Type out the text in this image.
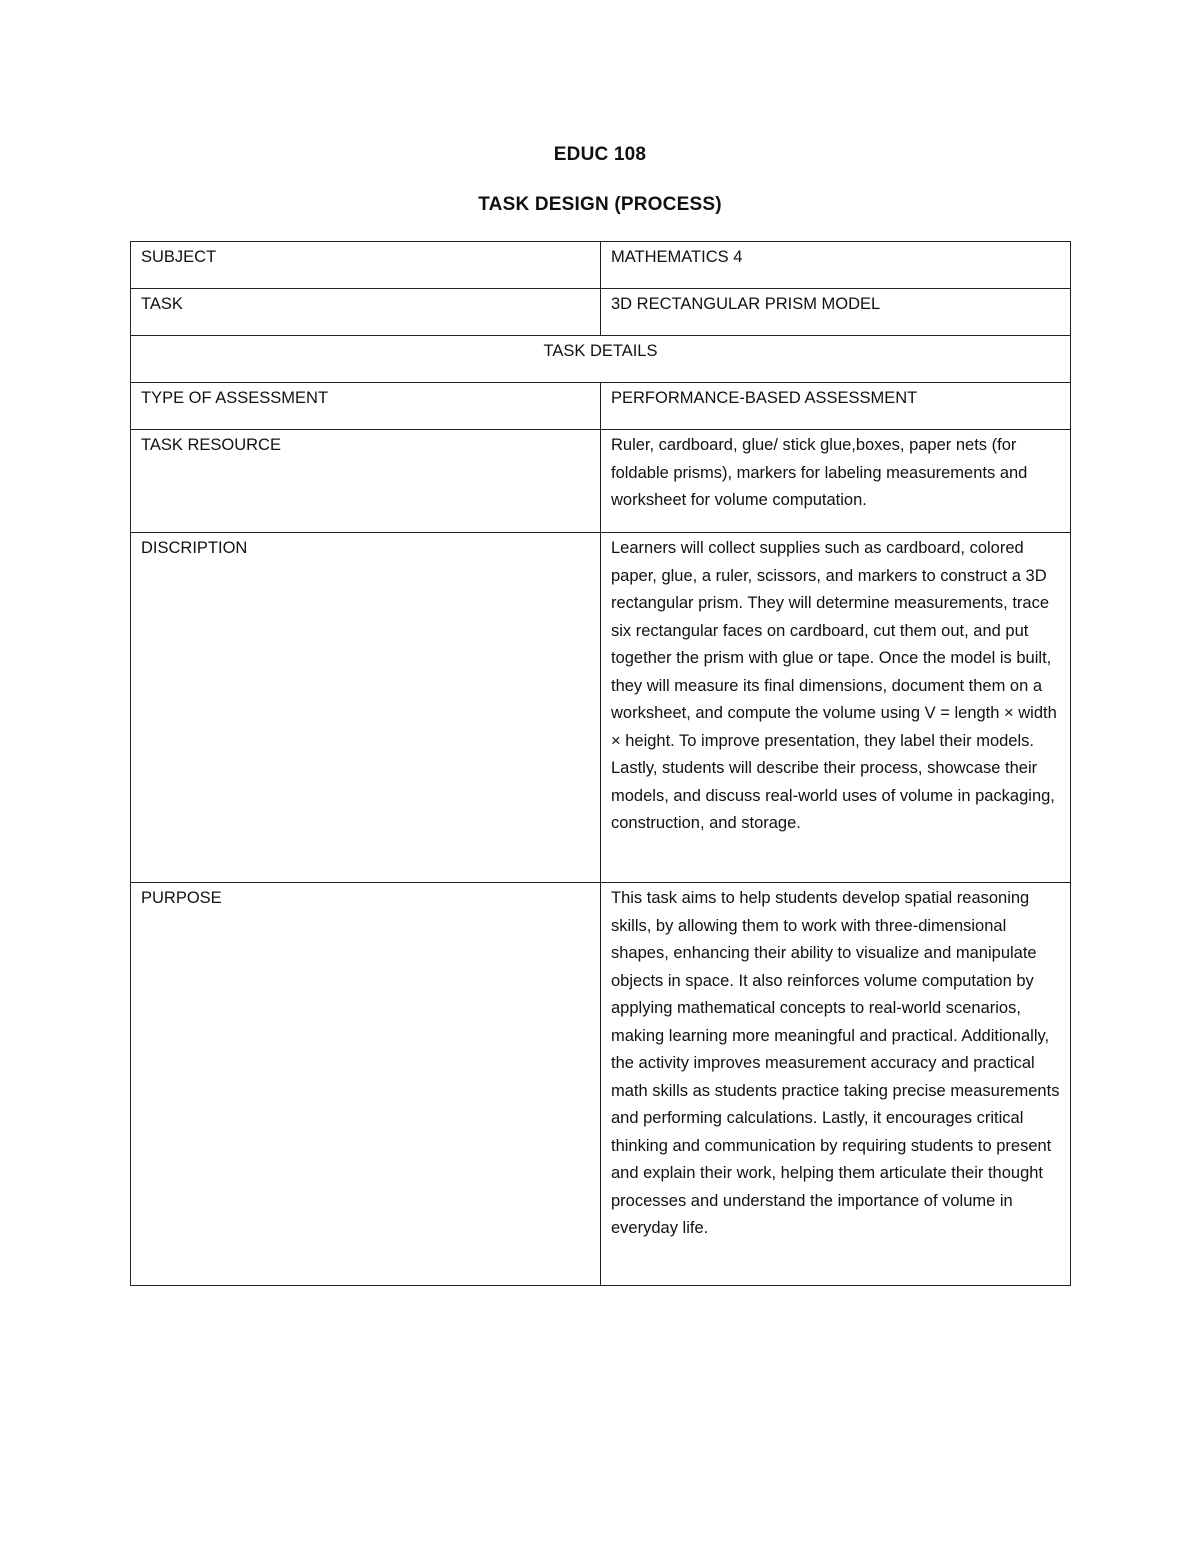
EDUC 108
TASK DESIGN (PROCESS)
SUBJECT	MATHEMATICS 4
TASK	3D RECTANGULAR PRISM MODEL
TASK DETAILS	
TYPE OF ASSESSMENT	PERFORMANCE-BASED ASSESSMENT
TASK RESOURCE	Ruler, cardboard, glue/ stick glue,boxes, paper nets (for foldable prisms), markers for labeling measurements and worksheet for volume computation.
DISCRIPTION	Learners will collect supplies such as cardboard, colored paper, glue, a ruler, scissors, and markers to construct a 3D rectangular prism. They will determine measurements, trace six rectangular faces on cardboard, cut them out, and put together the prism with glue or tape. Once the model is built, they will measure its final dimensions, document them on a worksheet, and compute the volume using V = length × width × height. To improve presentation, they label their models. Lastly, students will describe their process, showcase their models, and discuss real-world uses of volume in packaging, construction, and storage.
PURPOSE	This task aims to help students develop spatial reasoning skills, by allowing them to work with three-dimensional shapes, enhancing their ability to visualize and manipulate objects in space. It also reinforces volume computation by applying mathematical concepts to real-world scenarios, making learning more meaningful and practical. Additionally, the activity improves measurement accuracy and practical math skills as students practice taking precise measurements and performing calculations. Lastly, it encourages critical thinking and communication by requiring students to present and explain their work, helping them articulate their thought processes and understand the importance of volume in everyday life.
